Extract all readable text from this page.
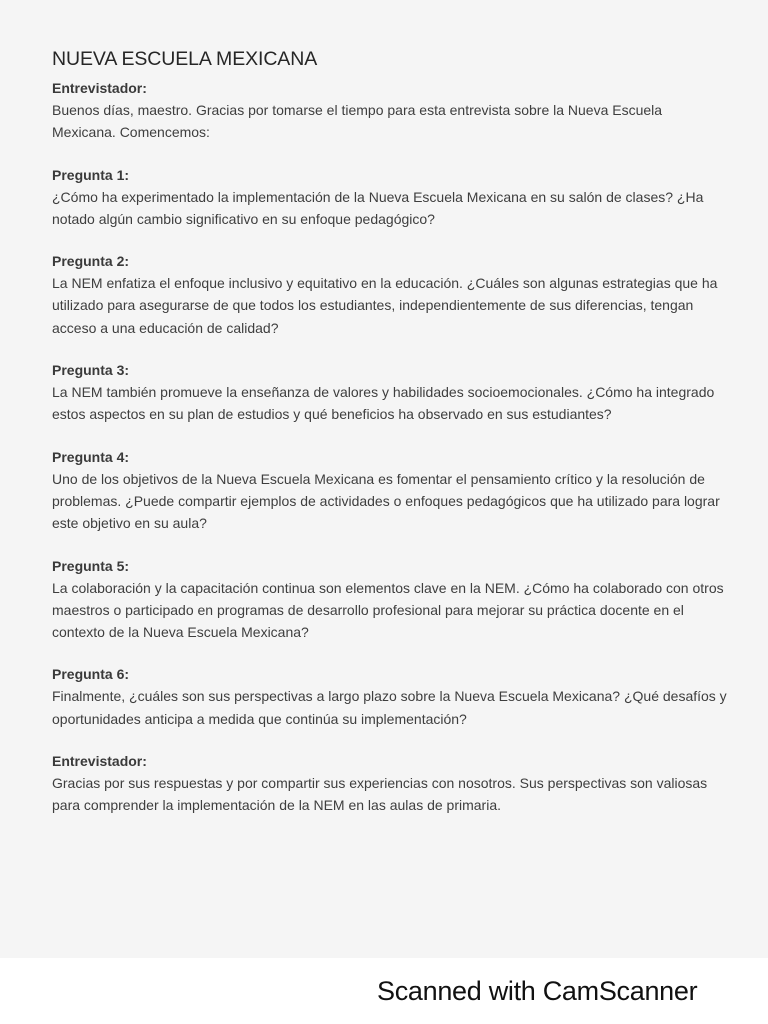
NUEVA ESCUELA MEXICANA
Entrevistador:

Buenos días, maestro. Gracias por tomarse el tiempo para esta entrevista sobre la Nueva Escuela Mexicana. Comencemos:

Pregunta 1:

¿Cómo ha experimentado la implementación de la Nueva Escuela Mexicana en su salón de clases? ¿Ha notado algún cambio significativo en su enfoque pedagógico?

Pregunta 2:

La NEM enfatiza el enfoque inclusivo y equitativo en la educación. ¿Cuáles son algunas estrategias que ha utilizado para asegurarse de que todos los estudiantes, independientemente de sus diferencias, tengan acceso a una educación de calidad?

Pregunta 3:

La NEM también promueve la enseñanza de valores y habilidades socioemocionales. ¿Cómo ha integrado estos aspectos en su plan de estudios y qué beneficios ha observado en sus estudiantes?

Pregunta 4:

Uno de los objetivos de la Nueva Escuela Mexicana es fomentar el pensamiento crítico y la resolución de problemas. ¿Puede compartir ejemplos de actividades o enfoques pedagógicos que ha utilizado para lograr este objetivo en su aula?

Pregunta 5:

La colaboración y la capacitación continua son elementos clave en la NEM. ¿Cómo ha colaborado con otros maestros o participado en programas de desarrollo profesional para mejorar su práctica docente en el contexto de la Nueva Escuela Mexicana?

Pregunta 6:

Finalmente, ¿cuáles son sus perspectivas a largo plazo sobre la Nueva Escuela Mexicana? ¿Qué desafíos y oportunidades anticipa a medida que continúa su implementación?

Entrevistador:

Gracias por sus respuestas y por compartir sus experiencias con nosotros. Sus perspectivas son valiosas para comprender la implementación de la NEM en las aulas de primaria.

Scanned with CamScanner
